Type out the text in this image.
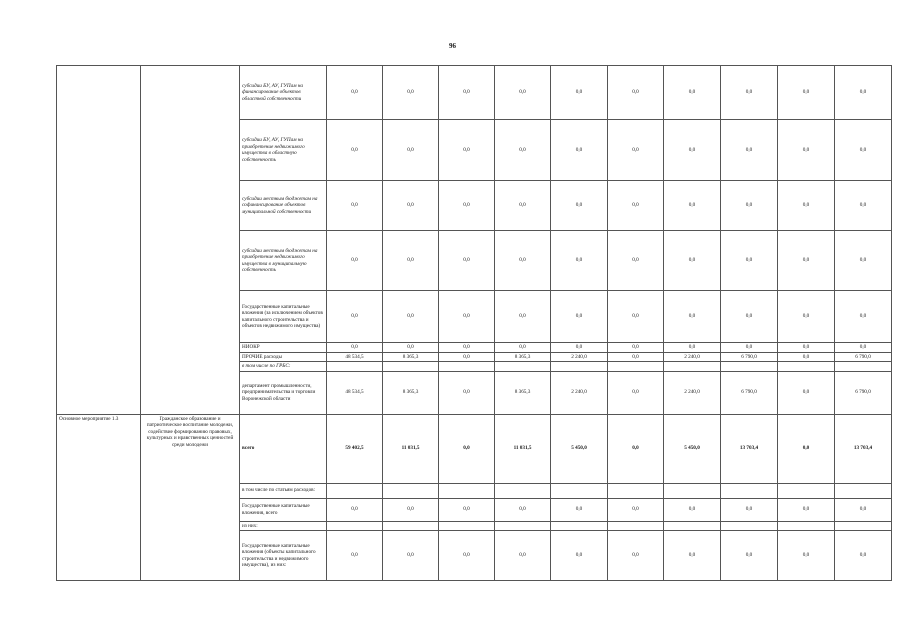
96
		субсидии БУ, АУ, ГУПам на финансирование объектов областной собственности	0,0	0,0	0,0	0,0	0,0	0,0	0,0	0,0	0,0	0,0
		субсидии БУ, АУ, ГУПам на приобретение недвижимого имущества в областную собственность	0,0	0,0	0,0	0,0	0,0	0,0	0,0	0,0	0,0	0,0
		субсидии местным бюджетам на софинансирование объектов муниципальной собственности	0,0	0,0	0,0	0,0	0,0	0,0	0,0	0,0	0,0	0,0
		субсидии местным бюджетам на приобретение недвижимого имущества в муниципальную собственность	0,0	0,0	0,0	0,0	0,0	0,0	0,0	0,0	0,0	0,0
		Государственные капитальные вложения (за исключением объектов капитального строительства и объектов недвижимого имущества)	0,0	0,0	0,0	0,0	0,0	0,0	0,0	0,0	0,0	0,0
		НИОКР	0,0	0,0	0,0	0,0	0,0	0,0	0,0	0,0	0,0	0,0
		ПРОЧИЕ расходы	48 534,5	8 365,3	0,0	8 365,3	2 240,0	0,0	2 240,0	6 790,0	0,0	6 790,0
		в том числе по ГРБС:										
		департамент промышленности, предпринимательства и торговли Воронежской области	48 534,5	8 365,3	0,0	8 365,3	2 240,0	0,0	2 240,0	6 790,0	0,0	6 790,0
Основное мероприятие 1.3	Гражданское образование и патриотическое воспитание молодежи, содействие формированию правовых, культурных и нравственных ценностей среди молодежи	всего	59 402,5	11 031,5	0,0	11 031,5	5 450,0	0,0	5 450,0	13 703,4	0,0	13 703,4
		в том числе по статьям расходов:										
		Государственные капитальные вложения, всего	0,0	0,0	0,0	0,0	0,0	0,0	0,0	0,0	0,0	0,0
		из них:										
		Государственные капитальные вложения (объекты капитального строительства и недвижимого имущества), из них:	0,0	0,0	0,0	0,0	0,0	0,0	0,0	0,0	0,0	0,0
